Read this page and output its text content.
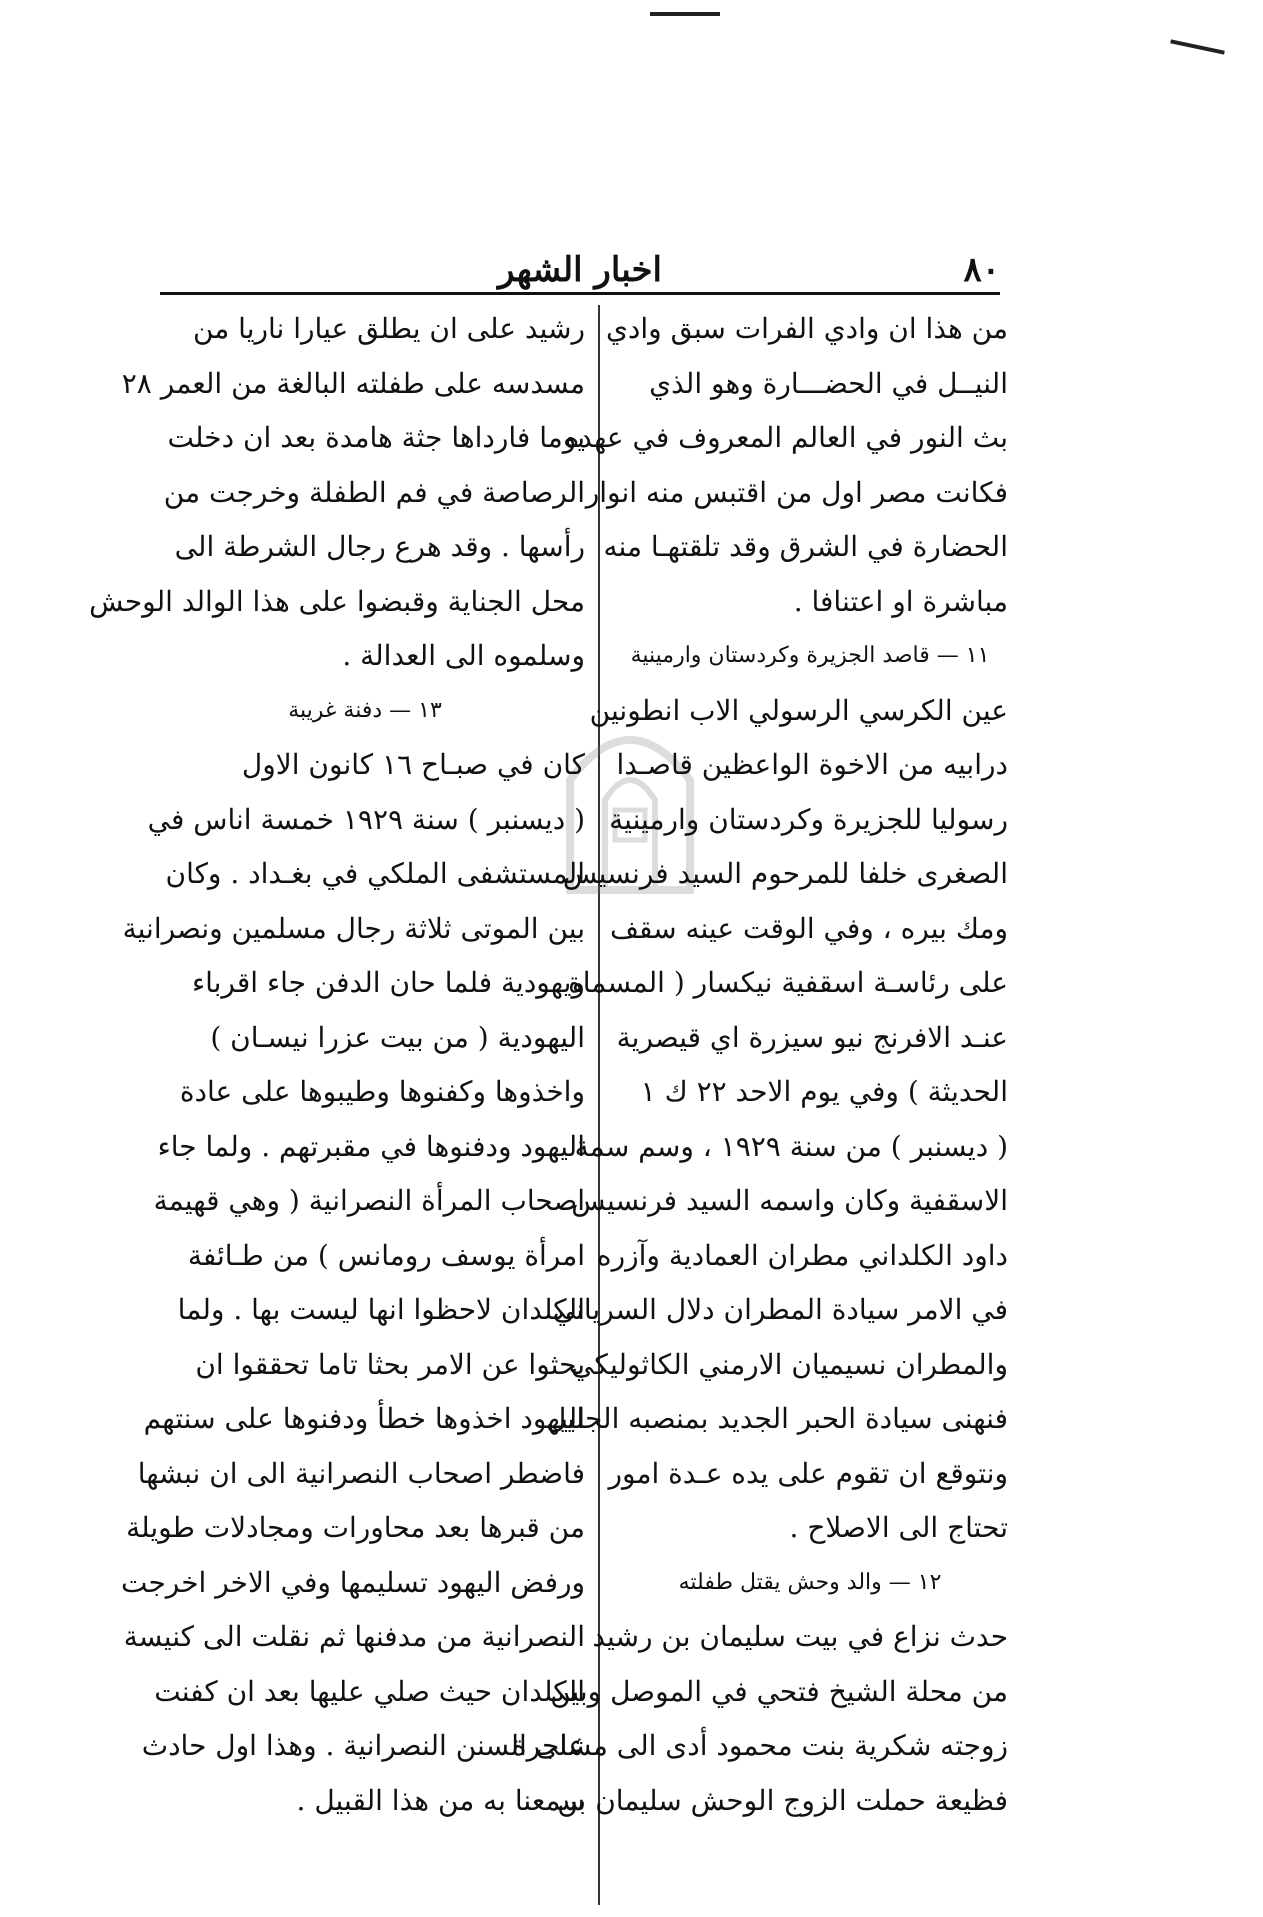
اخبار الشهر	٨٠
من هذا ان وادي الفرات سبق وادي
النيــل في الحضـــارة وهو الذي
بث النور في العالم المعروف في عهده
فكانت مصر اول من اقتبس منه انوار
الحضارة في الشرق وقد تلقتهـا منه
مباشرة او اعتنافا .
١١ — قاصد الجزيرة وكردستان وارمينية
عين الكرسي الرسولي الاب انطونين
درابيه من الاخوة الواعظين قاصـدا
رسوليا للجزيرة وكردستان وارمينية
الصغرى خلفا للمرحوم السيد فرنسيس
ومك بيره ، وفي الوقت عينه سقف
على رئاسـة اسقفية نيكسار ( المسماة
عنـد الافرنج نيو سيزرة اي قيصرية
الحديثة ) وفي يوم الاحد ٢٢ ك ١
( ديسنبر ) من سنة ١٩٢٩ ، وسم سمة
الاسقفية وكان واسمه السيد فرنسيس
داود الكلداني مطران العمادية وآزره
في الامر سيادة المطران دلال السرياني
والمطران نسيميان الارمني الكاثوليكي
فنهنى سيادة الحبر الجديد بمنصبه الجليل
ونتوقع ان تقوم على يده عـدة امور
تحتاج الى الاصلاح .
١٢ — والد وحش يقتل طفلته
حدث نزاع في بيت سليمان بن رشيد
من محلة الشيخ فتحي في الموصل وبين
زوجته شكرية بنت محمود أدى الى مشاجرة
فظيعة حملت الزوج الوحش سليمان بن
رشيد على ان يطلق عيارا ناريا من
مسدسه على طفلته البالغة من العمر ٢٨
يوما فارداها جثة هامدة بعد ان دخلت
الرصاصة في فم الطفلة وخرجت من
رأسها . وقد هرع رجال الشرطة الى
محل الجناية وقبضوا على هذا الوالد الوحش
وسلموه الى العدالة .
١٣ — دفنة غريبة
كان في صبـاح ١٦ كانون الاول
( ديسنبر ) سنة ١٩٢٩ خمسة اناس في
المستشفى الملكي في بغـداد . وكان
بين الموتى ثلاثة رجال مسلمين ونصرانية
ويهودية فلما حان الدفن جاء اقرباء
اليهودية ( من بيت عزرا نيسـان )
واخذوها وكفنوها وطيبوها على عادة
اليهود ودفنوها في مقبرتهم . ولما جاء
اصحاب المرأة النصرانية ( وهي قهيمة
امرأة يوسف رومانس ) من طـائفة
الكلدان لاحظوا انها ليست بها . ولما
بحثوا عن الامر بحثا تاما تحققوا ان
اليهود اخذوها خطأ ودفنوها على سنتهم
فاضطر اصحاب النصرانية الى ان نبشها
من قبرها بعد محاورات ومجادلات طويلة
ورفض اليهود تسليمها وفي الاخر اخرجت
النصرانية من مدفنها ثم نقلت الى كنيسة
الكلدان حيث صلي عليها بعد ان كفنت
على السنن النصرانية . وهذا اول حادث
سمعنا به من هذا القبيل .
